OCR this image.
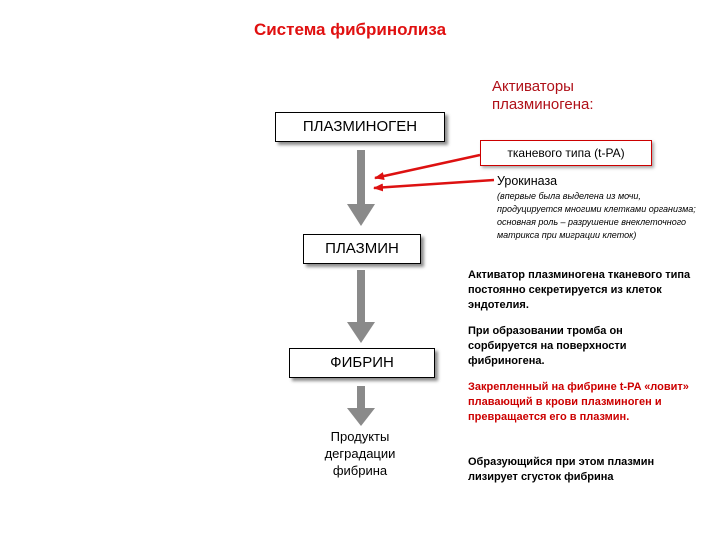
Система фибринолиза
ПЛАЗМИНОГЕН
ПЛАЗМИН
ФИБРИН
Продукты
деградации
фибрина
Активаторы
плазминогена:
тканевого типа (t-PA)
Урокиназа
(впервые была выделена из мочи, продуцируется многими клетками организма; основная роль – разрушение внеклеточного матрикса при миграции клеток)
Активатор плазминогена тканевого типа постоянно секретируется из клеток эндотелия.
При образовании тромба он сорбируется на поверхности фибриногена.
Закрепленный на фибрине t-PA «ловит» плавающий в крови плазминоген и превращается его в плазмин.
Образующийся при этом плазмин лизирует сгусток фибрина
